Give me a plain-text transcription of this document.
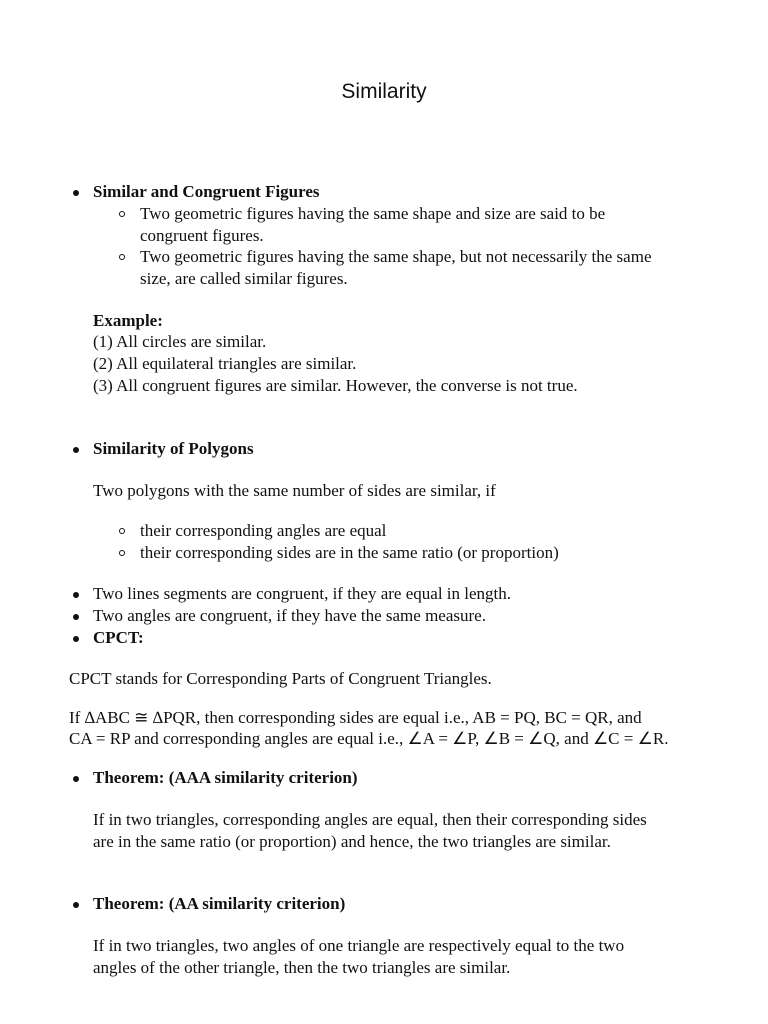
Similarity

Similar and Congruent Figures

Two geometric figures having the same shape and size are said to be

congruent figures.

Two geometric figures having the same shape, but not necessarily the same

size, are called similar figures.

Example:

(1) All circles are similar.

(2) All equilateral triangles are similar.

(3) All congruent figures are similar. However, the converse is not true.

Similarity of Polygons

Two polygons with the same number of sides are similar, if

their corresponding angles are equal

their corresponding sides are in the same ratio (or proportion)

Two lines segments are congruent, if they are equal in length.

Two angles are congruent, if they have the same measure.

CPCT:

CPCT stands for Corresponding Parts of Congruent Triangles.

If ∆ABC ≅ ∆PQR, then corresponding sides are equal i.e., AB = PQ, BC = QR, and

CA = RP and corresponding angles are equal i.e., ∠A = ∠P, ∠B = ∠Q, and ∠C = ∠R.

Theorem: (AAA similarity criterion)

If in two triangles, corresponding angles are equal, then their corresponding sides

are in the same ratio (or proportion) and hence, the two triangles are similar.

Theorem: (AA similarity criterion)

If in two triangles, two angles of one triangle are respectively equal to the two

angles of the other triangle, then the two triangles are similar.
